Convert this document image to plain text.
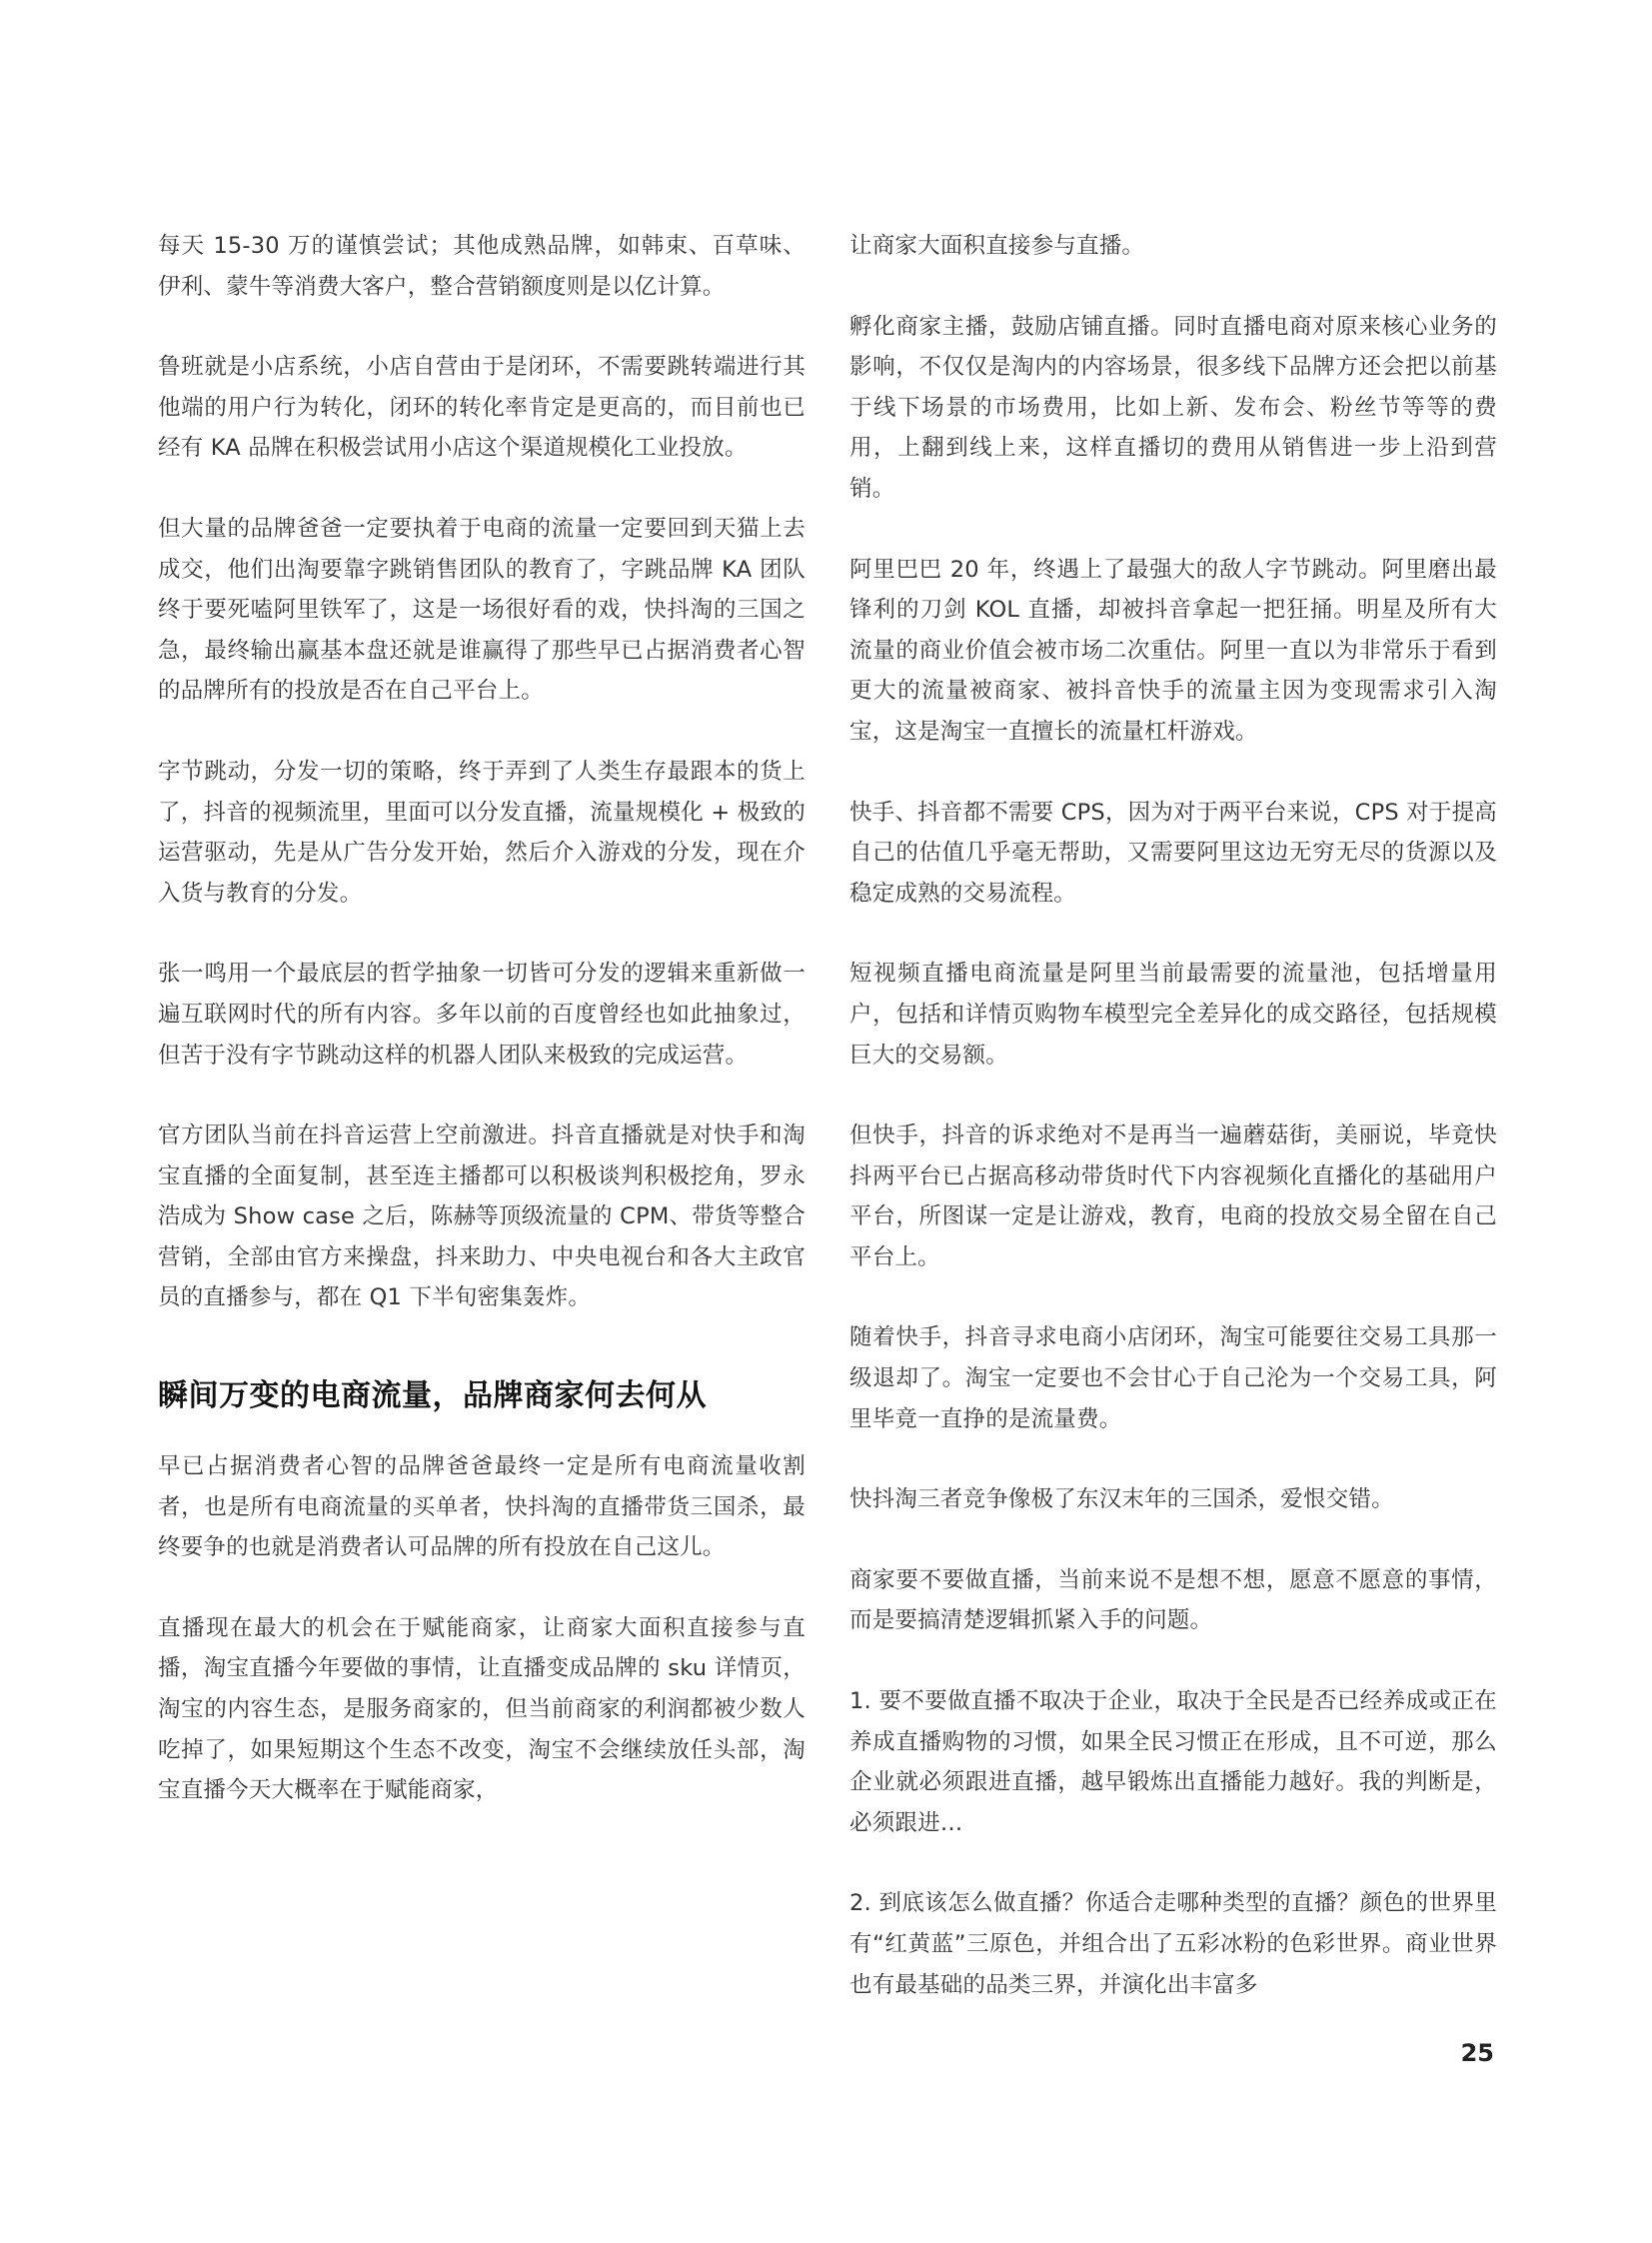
每天 15-30 万的谨慎尝试；其他成熟品牌，如韩束、百草味、伊利、蒙牛等消费大客户，整合营销额度则是以亿计算。

鲁班就是小店系统，小店自营由于是闭环，不需要跳转端进行其他端的用户行为转化，闭环的转化率肯定是更高的，而目前也已经有 KA 品牌在积极尝试用小店这个渠道规模化工业投放。

但大量的品牌爸爸一定要执着于电商的流量一定要回到天猫上去成交，他们出淘要靠字跳销售团队的教育了，字跳品牌 KA 团队终于要死嗑阿里铁军了，这是一场很好看的戏，快抖淘的三国之急，最终输出赢基本盘还就是谁赢得了那些早已占据消费者心智的品牌所有的投放是否在自己平台上。

字节跳动，分发一切的策略，终于弄到了人类生存最跟本的货上了，抖音的视频流里，里面可以分发直播，流量规模化 + 极致的运营驱动，先是从广告分发开始，然后介入游戏的分发，现在介入货与教育的分发。

张一鸣用一个最底层的哲学抽象一切皆可分发的逻辑来重新做一遍互联网时代的所有内容。多年以前的百度曾经也如此抽象过，但苦于没有字节跳动这样的机器人团队来极致的完成运营。

官方团队当前在抖音运营上空前激进。抖音直播就是对快手和淘宝直播的全面复制，甚至连主播都可以积极谈判积极挖角，罗永浩成为 Show case 之后，陈赫等顶级流量的 CPM、带货等整合营销，全部由官方来操盘，抖来助力、中央电视台和各大主政官员的直播参与，都在 Q1 下半旬密集轰炸。

瞬间万变的电商流量，品牌商家何去何从

早已占据消费者心智的品牌爸爸最终一定是所有电商流量收割者，也是所有电商流量的买单者，快抖淘的直播带货三国杀，最终要争的也就是消费者认可品牌的所有投放在自己这儿。

直播现在最大的机会在于赋能商家，让商家大面积直接参与直播，淘宝直播今年要做的事情，让直播变成品牌的 sku 详情页，淘宝的内容生态，是服务商家的，但当前商家的利润都被少数人吃掉了，如果短期这个生态不改变，淘宝不会继续放任头部，淘宝直播今天大概率在于赋能商家，

让商家大面积直接参与直播。

孵化商家主播，鼓励店铺直播。同时直播电商对原来核心业务的影响，不仅仅是淘内的内容场景，很多线下品牌方还会把以前基于线下场景的市场费用，比如上新、发布会、粉丝节等等的费用，上翻到线上来，这样直播切的费用从销售进一步上沿到营销。

阿里巴巴 20 年，终遇上了最强大的敌人字节跳动。阿里磨出最锋利的刀剑 KOL 直播，却被抖音拿起一把狂捅。明星及所有大流量的商业价值会被市场二次重估。阿里一直以为非常乐于看到更大的流量被商家、被抖音快手的流量主因为变现需求引入淘宝，这是淘宝一直擅长的流量杠杆游戏。

快手、抖音都不需要 CPS，因为对于两平台来说，CPS 对于提高自己的估值几乎毫无帮助，又需要阿里这边无穷无尽的货源以及稳定成熟的交易流程。

短视频直播电商流量是阿里当前最需要的流量池，包括增量用户，包括和详情页购物车模型完全差异化的成交路径，包括规模巨大的交易额。

但快手，抖音的诉求绝对不是再当一遍蘑菇街，美丽说，毕竟快抖两平台已占据高移动带货时代下内容视频化直播化的基础用户平台，所图谋一定是让游戏，教育，电商的投放交易全留在自己平台上。

随着快手，抖音寻求电商小店闭环，淘宝可能要往交易工具那一级退却了。淘宝一定要也不会甘心于自己沦为一个交易工具，阿里毕竟一直挣的是流量费。

快抖淘三者竞争像极了东汉末年的三国杀，爱恨交错。

商家要不要做直播，当前来说不是想不想，愿意不愿意的事情，而是要搞清楚逻辑抓紧入手的问题。

1. 要不要做直播不取决于企业，取决于全民是否已经养成或正在养成直播购物的习惯，如果全民习惯正在形成，且不可逆，那么企业就必须跟进直播，越早锻炼出直播能力越好。我的判断是，必须跟进…

2. 到底该怎么做直播？你适合走哪种类型的直播？颜色的世界里有“红黄蓝”三原色，并组合出了五彩冰粉的色彩世界。商业世界也有最基础的品类三界，并演化出丰富多

25
